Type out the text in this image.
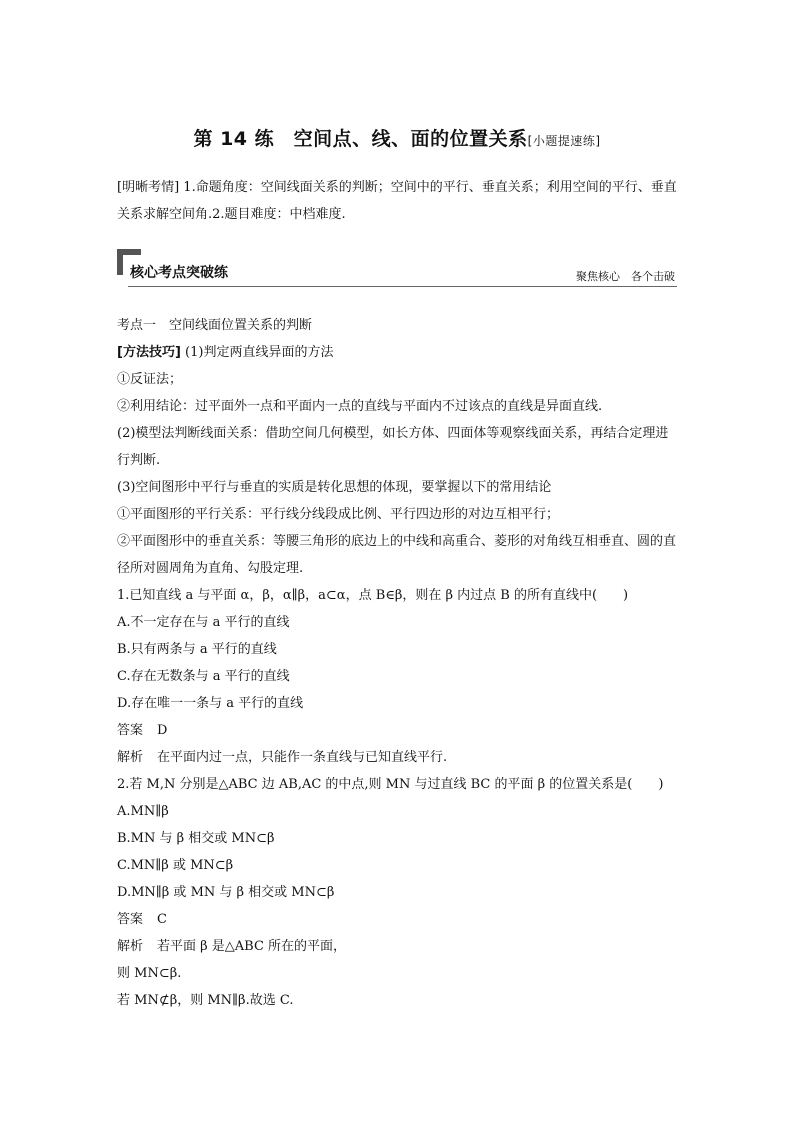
第 14 练　空间点、线、面的位置关系[小题提速练]
[明晰考情] 1.命题角度：空间线面关系的判断；空间中的平行、垂直关系；利用空间的平行、垂直关系求解空间角.2.题目难度：中档难度.
核心考点突破练	聚焦核心　各个击破

考点一　空间线面位置关系的判断

[方法技巧] (1)判定两直线异面的方法

①反证法；

②利用结论：过平面外一点和平面内一点的直线与平面内不过该点的直线是异面直线.

(2)模型法判断线面关系：借助空间几何模型，如长方体、四面体等观察线面关系，再结合定理进行判断.

(3)空间图形中平行与垂直的实质是转化思想的体现，要掌握以下的常用结论

①平面图形的平行关系：平行线分线段成比例、平行四边形的对边互相平行；

②平面图形中的垂直关系：等腰三角形的底边上的中线和高重合、菱形的对角线互相垂直、圆的直径所对圆周角为直角、勾股定理.

1.已知直线 a 与平面 α，β，α∥β，a⊂α，点 B∈β，则在 β 内过点 B 的所有直线中(　　)

A.不一定存在与 a 平行的直线

B.只有两条与 a 平行的直线

C.存在无数条与 a 平行的直线

D.存在唯一一条与 a 平行的直线

答案 D

解析 在平面内过一点，只能作一条直线与已知直线平行.

2.若 M,N 分别是△ABC 边 AB,AC 的中点,则 MN 与过直线 BC 的平面 β 的位置关系是(　　)

A.MN∥β

B.MN 与 β 相交或 MN⊂β

C.MN∥β 或 MN⊂β

D.MN∥β 或 MN 与 β 相交或 MN⊂β

答案 C

解析 若平面 β 是△ABC 所在的平面，

则 MN⊂β.

若 MN⊄β，则 MN∥β.故选 C.
